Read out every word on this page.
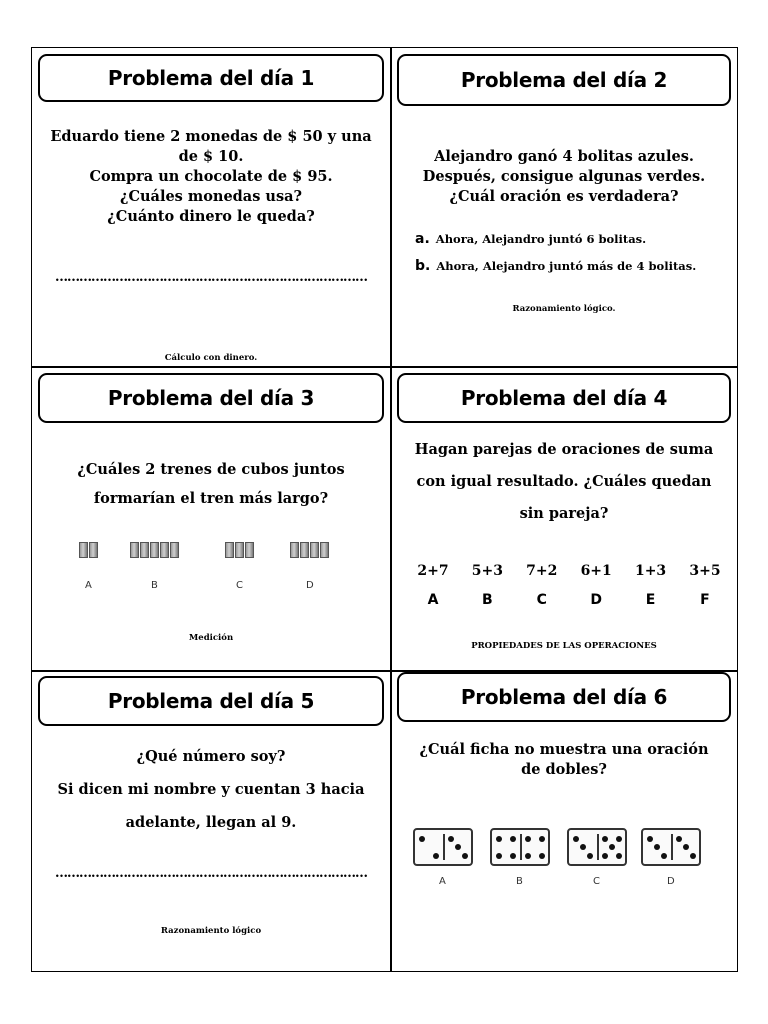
Problema del día 1
Eduardo tiene 2 monedas de $ 50 y una
de $ 10.
Compra un chocolate de $ 95.
¿Cuáles monedas usa?
¿Cuánto dinero le queda?
……………………………………………………………………
Cálculo con dinero.
Problema del día 2
Alejandro ganó 4 bolitas azules.
Después, consigue algunas verdes.
¿Cuál oración es verdadera?
a. Ahora, Alejandro juntó 6 bolitas.
b. Ahora, Alejandro juntó más de 4 bolitas.
Razonamiento lógico.
Problema del día 3
¿Cuáles 2 trenes de cubos juntos
formarían el tren más largo?
A	B	C	D
Medición
Problema del día 4
Hagan parejas de oraciones de suma
con igual resultado. ¿Cuáles quedan
sin pareja?
2+7	5+3	7+2	6+1	1+3	3+5
A	B	C	D	E	F
PROPIEDADES DE LAS OPERACIONES
Problema del día 5
¿Qué número soy?
Si dicen mi nombre y cuentan 3 hacia
adelante, llegan al 9.
……………………………………………………………………
Razonamiento lógico
Problema del día 6
¿Cuál ficha no muestra una oración
de dobles?
A	B	C	D
